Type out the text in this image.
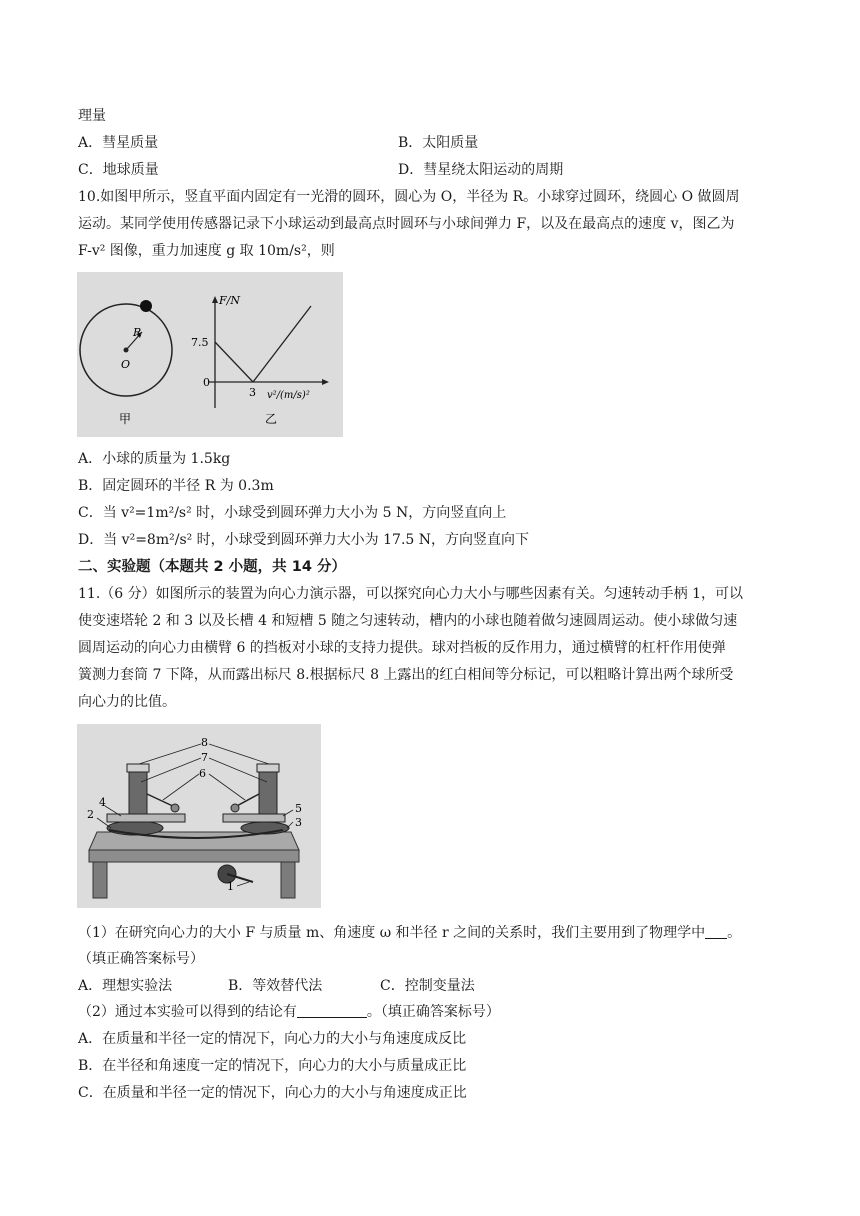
理量
A．彗星质量	B．太阳质量
C．地球质量	D．彗星绕太阳运动的周期
10.如图甲所示，竖直平面内固定有一光滑的圆环，圆心为 O，半径为 R。小球穿过圆环，绕圆心 O 做圆周
运动。某同学使用传感器记录下小球运动到最高点时圆环与小球间弹力 F，以及在最高点的速度 v，图乙为
F-v² 图像，重力加速度 g 取 10m/s²，则
R
O
甲
F/N
7.5
0
3 v²/(m/s)²
乙
A．小球的质量为 1.5kg
B．固定圆环的半径 R 为 0.3m
C．当 v²=1m²/s² 时，小球受到圆环弹力大小为 5 N，方向竖直向上
D．当 v²=8m²/s² 时，小球受到圆环弹力大小为 17.5 N，方向竖直向下
二、实验题（本题共 2 小题，共 14 分）
11.（6 分）如图所示的装置为向心力演示器，可以探究向心力大小与哪些因素有关。匀速转动手柄 1，可以
使变速塔轮 2 和 3 以及长槽 4 和短槽 5 随之匀速转动，槽内的小球也随着做匀速圆周运动。使小球做匀速
圆周运动的向心力由横臂 6 的挡板对小球的支持力提供。球对挡板的反作用力，通过横臂的杠杆作用使弹
簧测力套筒 7 下降，从而露出标尺 8.根据标尺 8 上露出的红白相间等分标记，可以粗略计算出两个球所受
向心力的比值。
8
7
6
4
2	5
3
1
（1）在研究向心力的大小 F 与质量 m、角速度 ω 和半径 r 之间的关系时，我们主要用到了物理学中 。
（填正确答案标号）
A．理想实验法	B．等效替代法	C．控制变量法
（2）通过本实验可以得到的结论有	。（填正确答案标号）
A．在质量和半径一定的情况下，向心力的大小与角速度成反比
B．在半径和角速度一定的情况下，向心力的大小与质量成正比
C．在质量和半径一定的情况下，向心力的大小与角速度成正比
